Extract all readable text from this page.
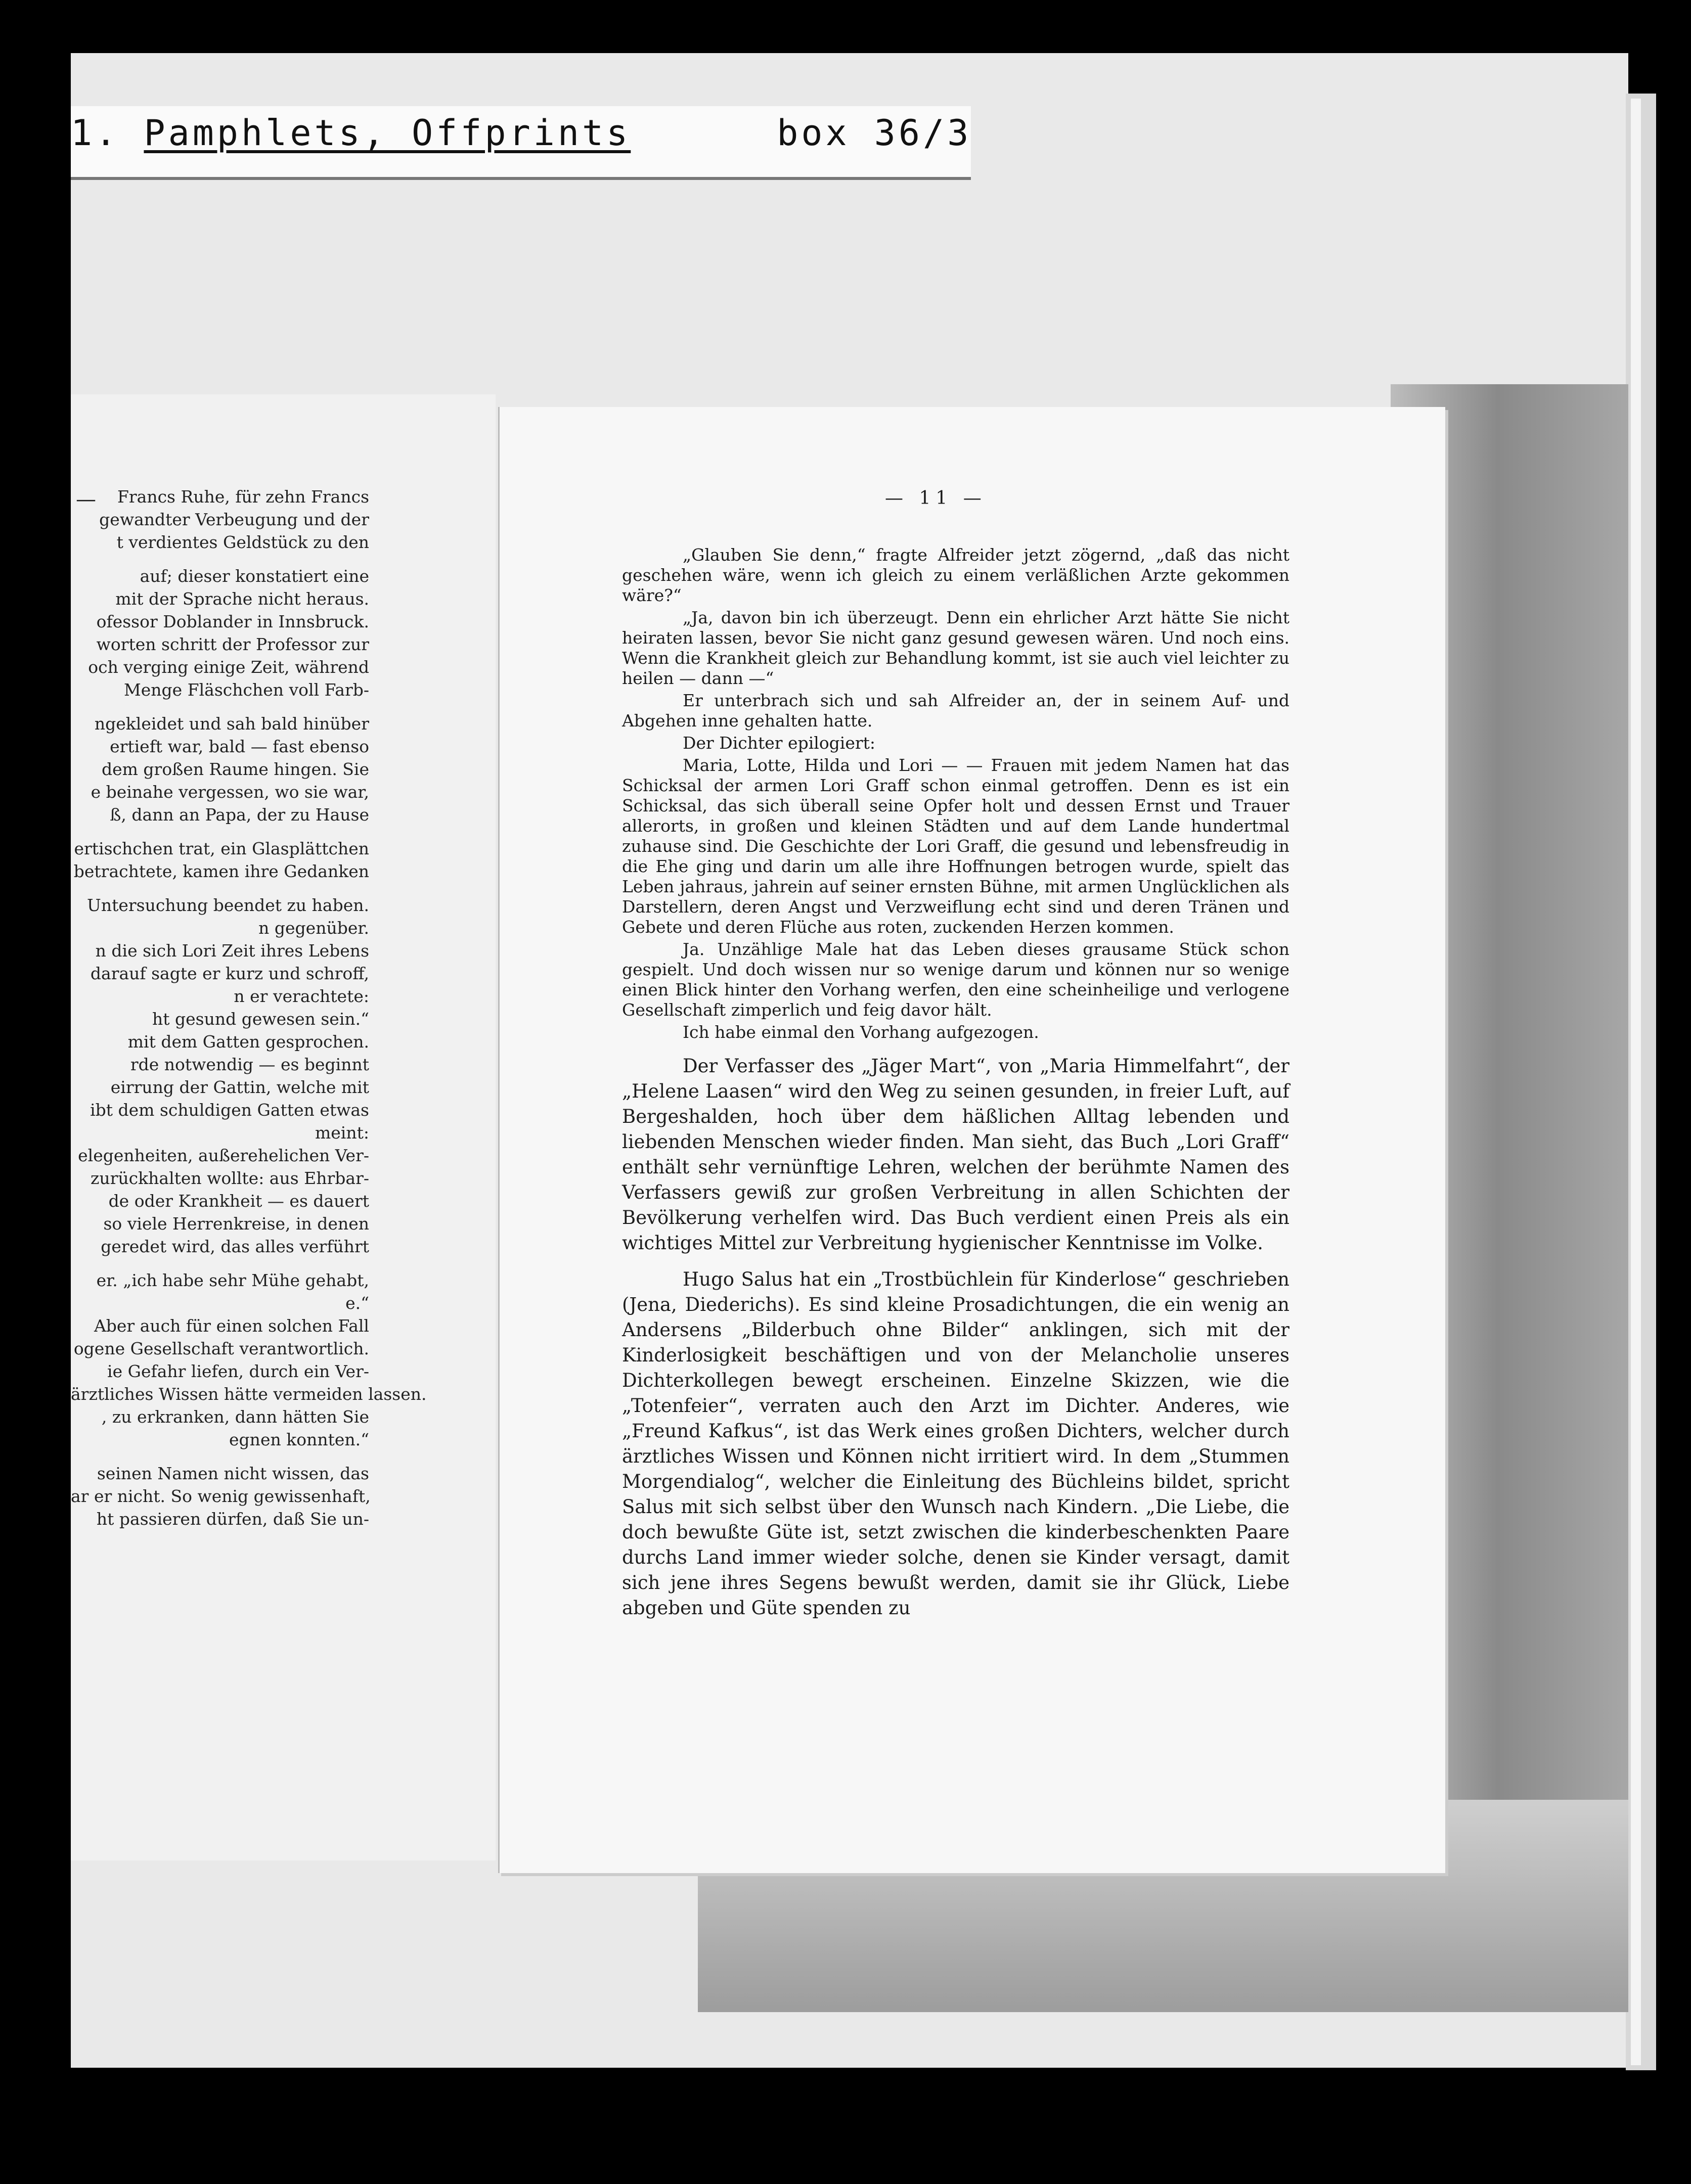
1. Pamphlets, Offprints	box 36/3
—	Francs Ruhe, für zehn Francs

gewandter Verbeugung und der

t verdientes Geldstück zu den

auf; dieser konstatiert eine

mit der Sprache nicht heraus.

ofessor Doblander in Innsbruck.

worten schritt der Professor zur

och verging einige Zeit, während

Menge Fläschchen voll Farb-

ngekleidet und sah bald hinüber

ertieft war, bald — fast ebenso

dem großen Raume hingen. Sie

e beinahe vergessen, wo sie war,

ß, dann an Papa, der zu Hause

ertischchen trat, ein Glasplättchen

betrachtete, kamen ihre Gedanken

Untersuchung beendet zu haben.

n gegenüber.

n die sich Lori Zeit ihres Lebens

darauf sagte er kurz und schroff,

n er verachtete:

ht gesund gewesen sein.“

mit dem Gatten gesprochen.

rde notwendig — es beginnt

eirrung der Gattin, welche mit

ibt dem schuldigen Gatten etwas

meint:

elegenheiten, außerehelichen Ver-

zurückhalten wollte: aus Ehrbar-

de oder Krankheit — es dauert

so viele Herrenkreise, in denen

geredet wird, das alles verführt

er. „ich habe sehr Mühe gehabt,

e.“

Aber auch für einen solchen Fall

ogene Gesellschaft verantwortlich.

ie Gefahr liefen, durch ein Ver-

ärztliches Wissen hätte vermeiden lassen.

, zu erkranken, dann hätten Sie

egnen konnten.“

seinen Namen nicht wissen, das

ar er nicht. So wenig gewissenhaft,

ht passieren dürfen, daß Sie un-

— 11 —

„Glauben Sie denn,“ fragte Alfreider jetzt zögernd, „daß das nicht geschehen wäre, wenn ich gleich zu einem verläßlichen Arzte gekommen wäre?“

„Ja, davon bin ich überzeugt. Denn ein ehrlicher Arzt hätte Sie nicht heiraten lassen, bevor Sie nicht ganz gesund gewesen wären. Und noch eins. Wenn die Krankheit gleich zur Behandlung kommt, ist sie auch viel leichter zu heilen — dann —“

Er unterbrach sich und sah Alfreider an, der in seinem Auf- und Abgehen inne gehalten hatte.

Der Dichter epilogiert:

Maria, Lotte, Hilda und Lori — — Frauen mit jedem Namen hat das Schicksal der armen Lori Graff schon einmal getroffen. Denn es ist ein Schicksal, das sich überall seine Opfer holt und dessen Ernst und Trauer allerorts, in großen und kleinen Städten und auf dem Lande hundertmal zuhause sind. Die Geschichte der Lori Graff, die gesund und lebensfreudig in die Ehe ging und darin um alle ihre Hoffnungen betrogen wurde, spielt das Leben jahraus, jahrein auf seiner ernsten Bühne, mit armen Unglücklichen als Darstellern, deren Angst und Verzweiflung echt sind und deren Tränen und Gebete und deren Flüche aus roten, zuckenden Herzen kommen.

Ja. Unzählige Male hat das Leben dieses grausame Stück schon gespielt. Und doch wissen nur so wenige darum und können nur so wenige einen Blick hinter den Vorhang werfen, den eine scheinheilige und verlogene Gesellschaft zimperlich und feig davor hält.

Ich habe einmal den Vorhang aufgezogen.

Der Verfasser des „Jäger Mart“, von „Maria Himmelfahrt“, der „Helene Laasen“ wird den Weg zu seinen gesunden, in freier Luft, auf Bergeshalden, hoch über dem häßlichen Alltag lebenden und liebenden Menschen wieder finden. Man sieht, das Buch „Lori Graff“ enthält sehr vernünftige Lehren, welchen der berühmte Namen des Verfassers gewiß zur großen Verbreitung in allen Schichten der Bevölkerung verhelfen wird. Das Buch verdient einen Preis als ein wichtiges Mittel zur Verbreitung hygienischer Kenntnisse im Volke.

Hugo Salus hat ein „Trostbüchlein für Kinderlose“ geschrieben (Jena, Diederichs). Es sind kleine Prosadichtungen, die ein wenig an Andersens „Bilderbuch ohne Bilder“ anklingen, sich mit der Kinderlosigkeit beschäftigen und von der Melancholie unseres Dichterkollegen bewegt erscheinen. Einzelne Skizzen, wie die „Totenfeier“, verraten auch den Arzt im Dichter. Anderes, wie „Freund Kafkus“, ist das Werk eines großen Dichters, welcher durch ärztliches Wissen und Können nicht irritiert wird. In dem „Stummen Morgendialog“, welcher die Einleitung des Büchleins bildet, spricht Salus mit sich selbst über den Wunsch nach Kindern. „Die Liebe, die doch bewußte Güte ist, setzt zwischen die kinderbeschenkten Paare durchs Land immer wieder solche, denen sie Kinder versagt, damit sich jene ihres Segens bewußt werden, damit sie ihr Glück, Liebe abgeben und Güte spenden zu
